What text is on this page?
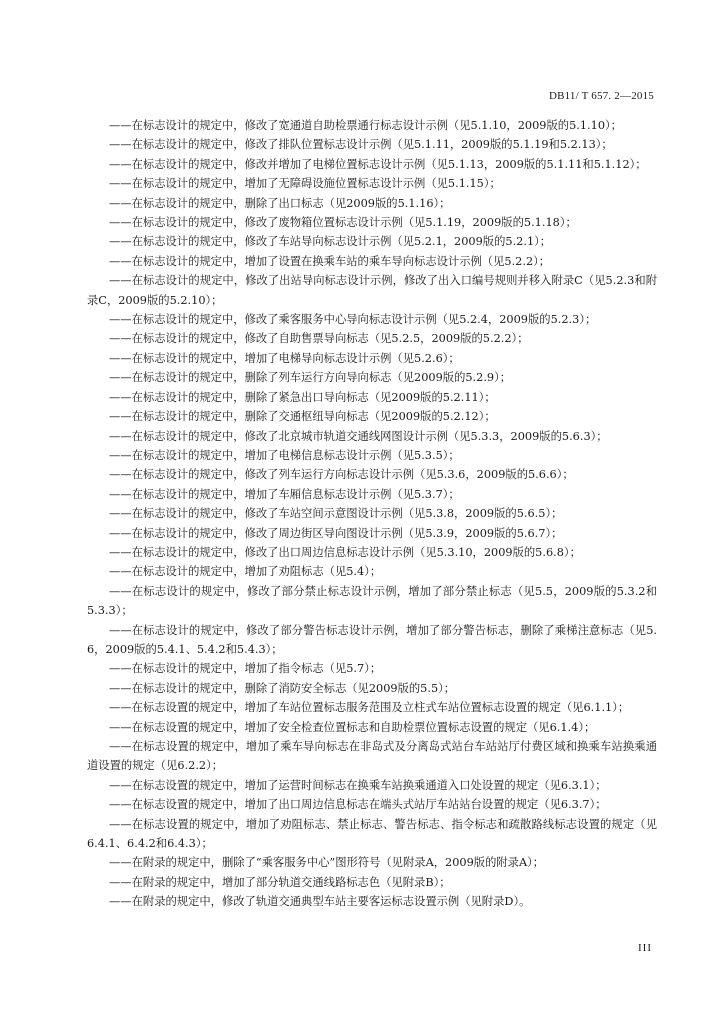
DB11/ T 657. 2—2015

——在标志设计的规定中，修改了宽通道自助检票通行标志设计示例（见5.1.10，2009版的5.1.10）；

——在标志设计的规定中，修改了排队位置标志设计示例（见5.1.11，2009版的5.1.19和5.2.13）；

——在标志设计的规定中，修改并增加了电梯位置标志设计示例（见5.1.13，2009版的5.1.11和5.1.12）；

——在标志设计的规定中，增加了无障碍设施位置标志设计示例（见5.1.15）；

——在标志设计的规定中，删除了出口标志（见2009版的5.1.16）；

——在标志设计的规定中，修改了废物箱位置标志设计示例（见5.1.19，2009版的5.1.18）；

——在标志设计的规定中，修改了车站导向标志设计示例（见5.2.1，2009版的5.2.1）；

——在标志设计的规定中，增加了设置在换乘车站的乘车导向标志设计示例（见5.2.2）；

——在标志设计的规定中，修改了出站导向标志设计示例，修改了出入口编号规则并移入附录C（见5.2.3和附录C，2009版的5.2.10）；

——在标志设计的规定中，修改了乘客服务中心导向标志设计示例（见5.2.4，2009版的5.2.3）；

——在标志设计的规定中，修改了自助售票导向标志（见5.2.5，2009版的5.2.2）；

——在标志设计的规定中，增加了电梯导向标志设计示例（见5.2.6）；

——在标志设计的规定中，删除了列车运行方向导向标志（见2009版的5.2.9）；

——在标志设计的规定中，删除了紧急出口导向标志（见2009版的5.2.11）；

——在标志设计的规定中，删除了交通枢纽导向标志（见2009版的5.2.12）；

——在标志设计的规定中，修改了北京城市轨道交通线网图设计示例（见5.3.3，2009版的5.6.3）；

——在标志设计的规定中，增加了电梯信息标志设计示例（见5.3.5）；

——在标志设计的规定中，修改了列车运行方向标志设计示例（见5.3.6，2009版的5.6.6）；

——在标志设计的规定中，增加了车厢信息标志设计示例（见5.3.7）；

——在标志设计的规定中，修改了车站空间示意图设计示例（见5.3.8，2009版的5.6.5）；

——在标志设计的规定中，修改了周边街区导向图设计示例（见5.3.9，2009版的5.6.7）；

——在标志设计的规定中，修改了出口周边信息标志设计示例（见5.3.10，2009版的5.6.8）；

——在标志设计的规定中，增加了劝阻标志（见5.4）；

——在标志设计的规定中，修改了部分禁止标志设计示例，增加了部分禁止标志（见5.5，2009版的5.3.2和5.3.3）；

——在标志设计的规定中，修改了部分警告标志设计示例，增加了部分警告标志，删除了乘梯注意标志（见5.6，2009版的5.4.1、5.4.2和5.4.3）；

——在标志设计的规定中，增加了指令标志（见5.7）；

——在标志设计的规定中，删除了消防安全标志（见2009版的5.5）；

——在标志设置的规定中，增加了车站位置标志服务范围及立柱式车站位置标志设置的规定（见6.1.1）；

——在标志设置的规定中，增加了安全检查位置标志和自助检票位置标志设置的规定（见6.1.4）；

——在标志设置的规定中，增加了乘车导向标志在非岛式及分离岛式站台车站站厅付费区域和换乘车站换乘通道设置的规定（见6.2.2）；

——在标志设置的规定中，增加了运营时间标志在换乘车站换乘通道入口处设置的规定（见6.3.1）；

——在标志设置的规定中，增加了出口周边信息标志在端头式站厅车站站台设置的规定（见6.3.7）；

——在标志设置的规定中，增加了劝阻标志、禁止标志、警告标志、指令标志和疏散路线标志设置的规定（见6.4.1、6.4.2和6.4.3）；

——在附录的规定中，删除了“乘客服务中心”图形符号（见附录A，2009版的附录A）；

——在附录的规定中，增加了部分轨道交通线路标志色（见附录B）；

——在附录的规定中，修改了轨道交通典型车站主要客运标志设置示例（见附录D）。

III
